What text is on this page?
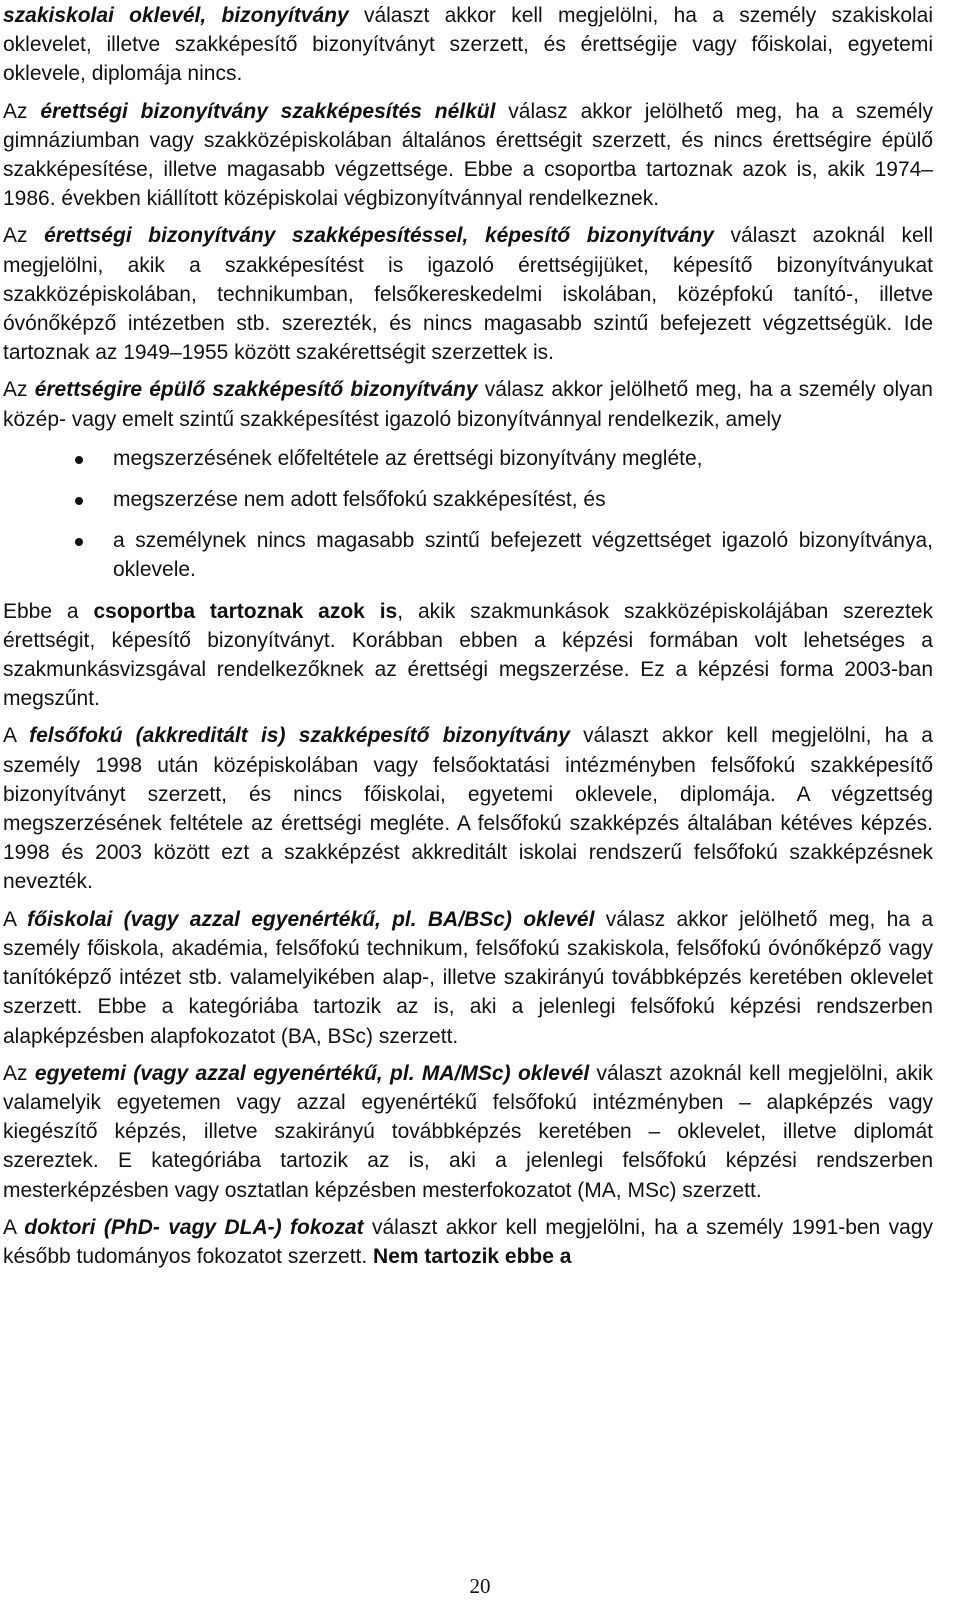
szakiskolai oklevél, bizonyítvány választ akkor kell megjelölni, ha a személy szakiskolai oklevelet, illetve szakképesítő bizonyítványt szerzett, és érettségije vagy főiskolai, egyetemi oklevele, diplomája nincs.

Az érettségi bizonyítvány szakképesítés nélkül válasz akkor jelölhető meg, ha a személy gimnáziumban vagy szakközépiskolában általános érettségit szerzett, és nincs érettségire épülő szakképesítése, illetve magasabb végzettsége. Ebbe a csoportba tartoznak azok is, akik 1974–1986. években kiállított középiskolai végbizonyítvánnyal rendelkeznek.

Az érettségi bizonyítvány szakképesítéssel, képesítő bizonyítvány választ azoknál kell megjelölni, akik a szakképesítést is igazoló érettségijüket, képesítő bizonyítványukat szakközépiskolában, technikumban, felsőkereskedelmi iskolában, középfokú tanító-, illetve óvónőképző intézetben stb. szerezték, és nincs magasabb szintű befejezett végzettségük. Ide tartoznak az 1949–1955 között szakérettségit szerzettek is.

Az érettségire épülő szakképesítő bizonyítvány válasz akkor jelölhető meg, ha a személy olyan közép- vagy emelt szintű szakképesítést igazoló bizonyítvánnyal rendelkezik, amely

megszerzésének előfeltétele az érettségi bizonyítvány megléte,
megszerzése nem adott felsőfokú szakképesítést, és
a személynek nincs magasabb szintű befejezett végzettséget igazoló bizonyítványa, oklevele.

Ebbe a csoportba tartoznak azok is, akik szakmunkások szakközépiskolájában szereztek érettségit, képesítő bizonyítványt. Korábban ebben a képzési formában volt lehetséges a szakmunkásvizsgával rendelkezőknek az érettségi megszerzése. Ez a képzési forma 2003-ban megszűnt.

A felsőfokú (akkreditált is) szakképesítő bizonyítvány választ akkor kell megjelölni, ha a személy 1998 után középiskolában vagy felsőoktatási intézményben felsőfokú szakképesítő bizonyítványt szerzett, és nincs főiskolai, egyetemi oklevele, diplomája. A végzettség megszerzésének feltétele az érettségi megléte. A felsőfokú szakképzés általában kétéves képzés. 1998 és 2003 között ezt a szakképzést akkreditált iskolai rendszerű felsőfokú szakképzésnek nevezték.

A főiskolai (vagy azzal egyenértékű, pl. BA/BSc) oklevél válasz akkor jelölhető meg, ha a személy főiskola, akadémia, felsőfokú technikum, felsőfokú szakiskola, felsőfokú óvónőképző vagy tanítóképző intézet stb. valamelyikében alap-, illetve szakirányú továbbképzés keretében oklevelet szerzett. Ebbe a kategóriába tartozik az is, aki a jelenlegi felsőfokú képzési rendszerben alapképzésben alapfokozatot (BA, BSc) szerzett.

Az egyetemi (vagy azzal egyenértékű, pl. MA/MSc) oklevél választ azoknál kell megjelölni, akik valamelyik egyetemen vagy azzal egyenértékű felsőfokú intézményben – alapképzés vagy kiegészítő képzés, illetve szakirányú továbbképzés keretében – oklevelet, illetve diplomát szereztek. E kategóriába tartozik az is, aki a jelenlegi felsőfokú képzési rendszerben mesterképzésben vagy osztatlan képzésben mesterfokozatot (MA, MSc) szerzett.

A doktori (PhD- vagy DLA-) fokozat választ akkor kell megjelölni, ha a személy 1991-ben vagy később tudományos fokozatot szerzett. Nem tartozik ebbe a

20
